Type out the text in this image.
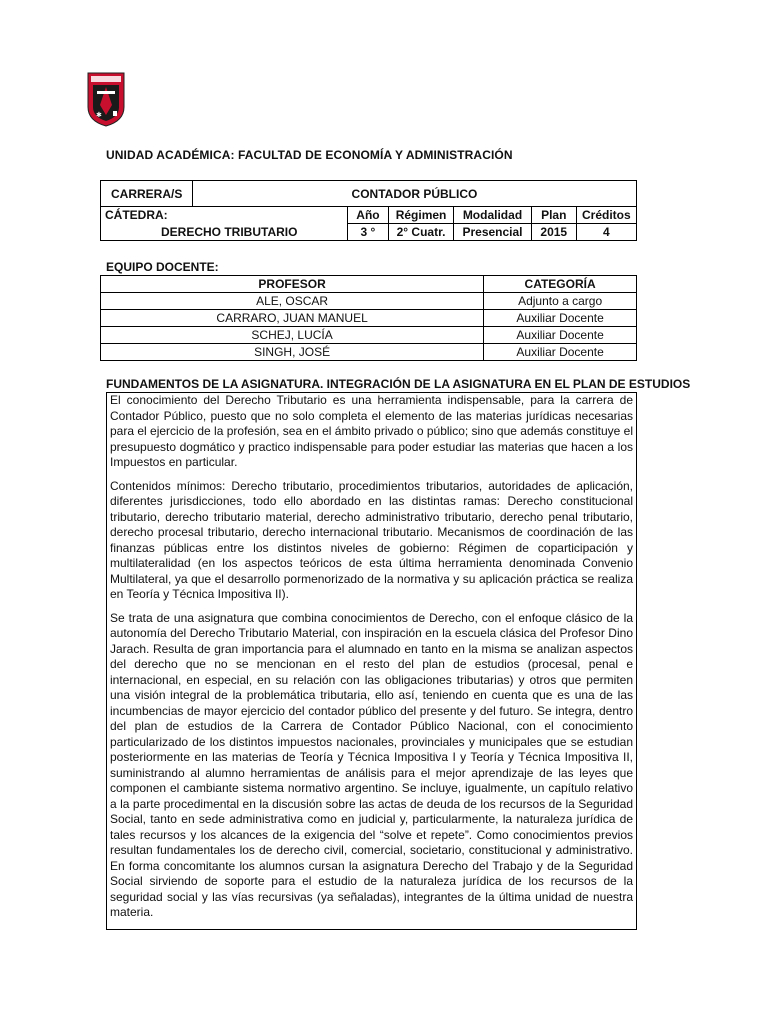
✱
UNIDAD ACADÉMICA: FACULTAD DE ECONOMÍA Y ADMINISTRACIÓN
CARRERA/S	CONTADOR PÚBLICO					
CÁTEDRA:		Año	Régimen	Modalidad	Plan	Créditos
DERECHO TRIBUTARIO		3 °	2° Cuatr.	Presencial	2015	4
EQUIPO DOCENTE:
PROFESOR	CATEGORÍA
ALE, OSCAR	Adjunto a cargo
CARRARO, JUAN MANUEL	Auxiliar Docente
SCHEJ, LUCÍA	Auxiliar Docente
SINGH, JOSÉ	Auxiliar Docente
FUNDAMENTOS DE LA ASIGNATURA. INTEGRACIÓN DE LA ASIGNATURA EN EL PLAN DE ESTUDIOS

El conocimiento del Derecho Tributario es una herramienta indispensable, para la carrera de Contador Público, puesto que no solo completa el elemento de las materias jurídicas necesarias para el ejercicio de la profesión, sea en el ámbito privado o público; sino que además constituye el presupuesto dogmático y practico indispensable para poder estudiar las materias que hacen a los Impuestos en particular.

Contenidos mínimos: Derecho tributario, procedimientos tributarios, autoridades de aplicación, diferentes jurisdicciones, todo ello abordado en las distintas ramas: Derecho constitucional tributario, derecho tributario material, derecho administrativo tributario, derecho penal tributario, derecho procesal tributario, derecho internacional tributario. Mecanismos de coordinación de las finanzas públicas entre los distintos niveles de gobierno: Régimen de coparticipación y multilateralidad (en los aspectos teóricos de esta última herramienta denominada Convenio Multilateral, ya que el desarrollo pormenorizado de la normativa y su aplicación práctica se realiza en Teoría y Técnica Impositiva II).

Se trata de una asignatura que combina conocimientos de Derecho, con el enfoque clásico de la autonomía del Derecho Tributario Material, con inspiración en la escuela clásica del Profesor Dino Jarach. Resulta de gran importancia para el alumnado en tanto en la misma se analizan aspectos del derecho que no se mencionan en el resto del plan de estudios (procesal, penal e internacional, en especial, en su relación con las obligaciones tributarias) y otros que permiten una visión integral de la problemática tributaria, ello así, teniendo en cuenta que es una de las incumbencias de mayor ejercicio del contador público del presente y del futuro. Se integra, dentro del plan de estudios de la Carrera de Contador Público Nacional, con el conocimiento particularizado de los distintos impuestos nacionales, provinciales y municipales que se estudian posteriormente en las materias de Teoría y Técnica Impositiva I y Teoría y Técnica Impositiva II, suministrando al alumno herramientas de análisis para el mejor aprendizaje de las leyes que componen el cambiante sistema normativo argentino. Se incluye, igualmente, un capítulo relativo a la parte procedimental en la discusión sobre las actas de deuda de los recursos de la Seguridad Social, tanto en sede administrativa como en judicial y, particularmente, la naturaleza jurídica de tales recursos y los alcances de la exigencia del “solve et repete”. Como conocimientos previos resultan fundamentales los de derecho civil, comercial, societario, constitucional y administrativo. En forma concomitante los alumnos cursan la asignatura Derecho del Trabajo y de la Seguridad Social sirviendo de soporte para el estudio de la naturaleza jurídica de los recursos de la seguridad social y las vías recursivas (ya señaladas), integrantes de la última unidad de nuestra materia.
